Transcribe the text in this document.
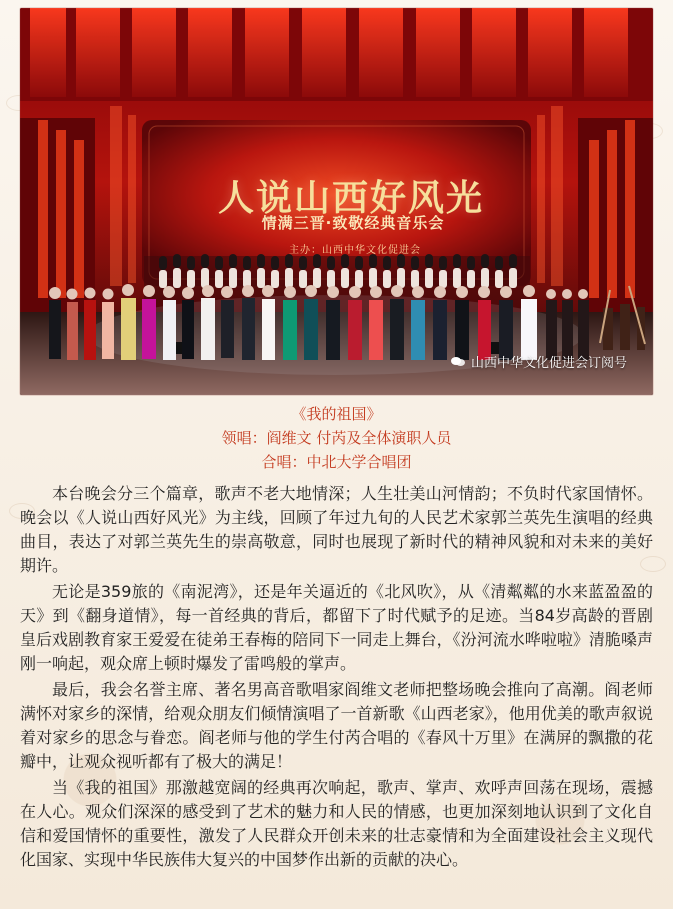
人说山西好风光
情满三晋·致敬经典音乐会
主办：山西中华文化促进会
山西中华文化促进会订阅号
《我的祖国》
领唱：阎维文 付芮及全体演职人员
合唱：中北大学合唱团

本台晚会分三个篇章，歌声不老大地情深；人生壮美山河情韵；不负时代家国情怀。晚会以《人说山西好风光》为主线，回顾了年过九旬的人民艺术家郭兰英先生演唱的经典曲目，表达了对郭兰英先生的崇高敬意，同时也展现了新时代的精神风貌和对未来的美好期许。

无论是359旅的《南泥湾》，还是年关逼近的《北风吹》，从《清粼粼的水来蓝盈盈的天》到《翻身道情》，每一首经典的背后，都留下了时代赋予的足迹。当84岁高龄的晋剧皇后戏剧教育家王爱爱在徒弟王春梅的陪同下一同走上舞台，《汾河流水哗啦啦》清脆嗓声刚一响起，观众席上顿时爆发了雷鸣般的掌声。

最后，我会名誉主席、著名男高音歌唱家阎维文老师把整场晚会推向了高潮。阎老师满怀对家乡的深情，给观众朋友们倾情演唱了一首新歌《山西老家》，他用优美的歌声叙说着对家乡的思念与眷恋。阎老师与他的学生付芮合唱的《春风十万里》在满屏的飘撒的花瓣中，让观众视听都有了极大的满足！

当《我的祖国》那激越宽阔的经典再次响起，歌声、掌声、欢呼声回荡在现场，震撼在人心。观众们深深的感受到了艺术的魅力和人民的情感，也更加深刻地认识到了文化自信和爱国情怀的重要性，激发了人民群众开创未来的壮志豪情和为全面建设社会主义现代化国家、实现中华民族伟大复兴的中国梦作出新的贡献的决心。
